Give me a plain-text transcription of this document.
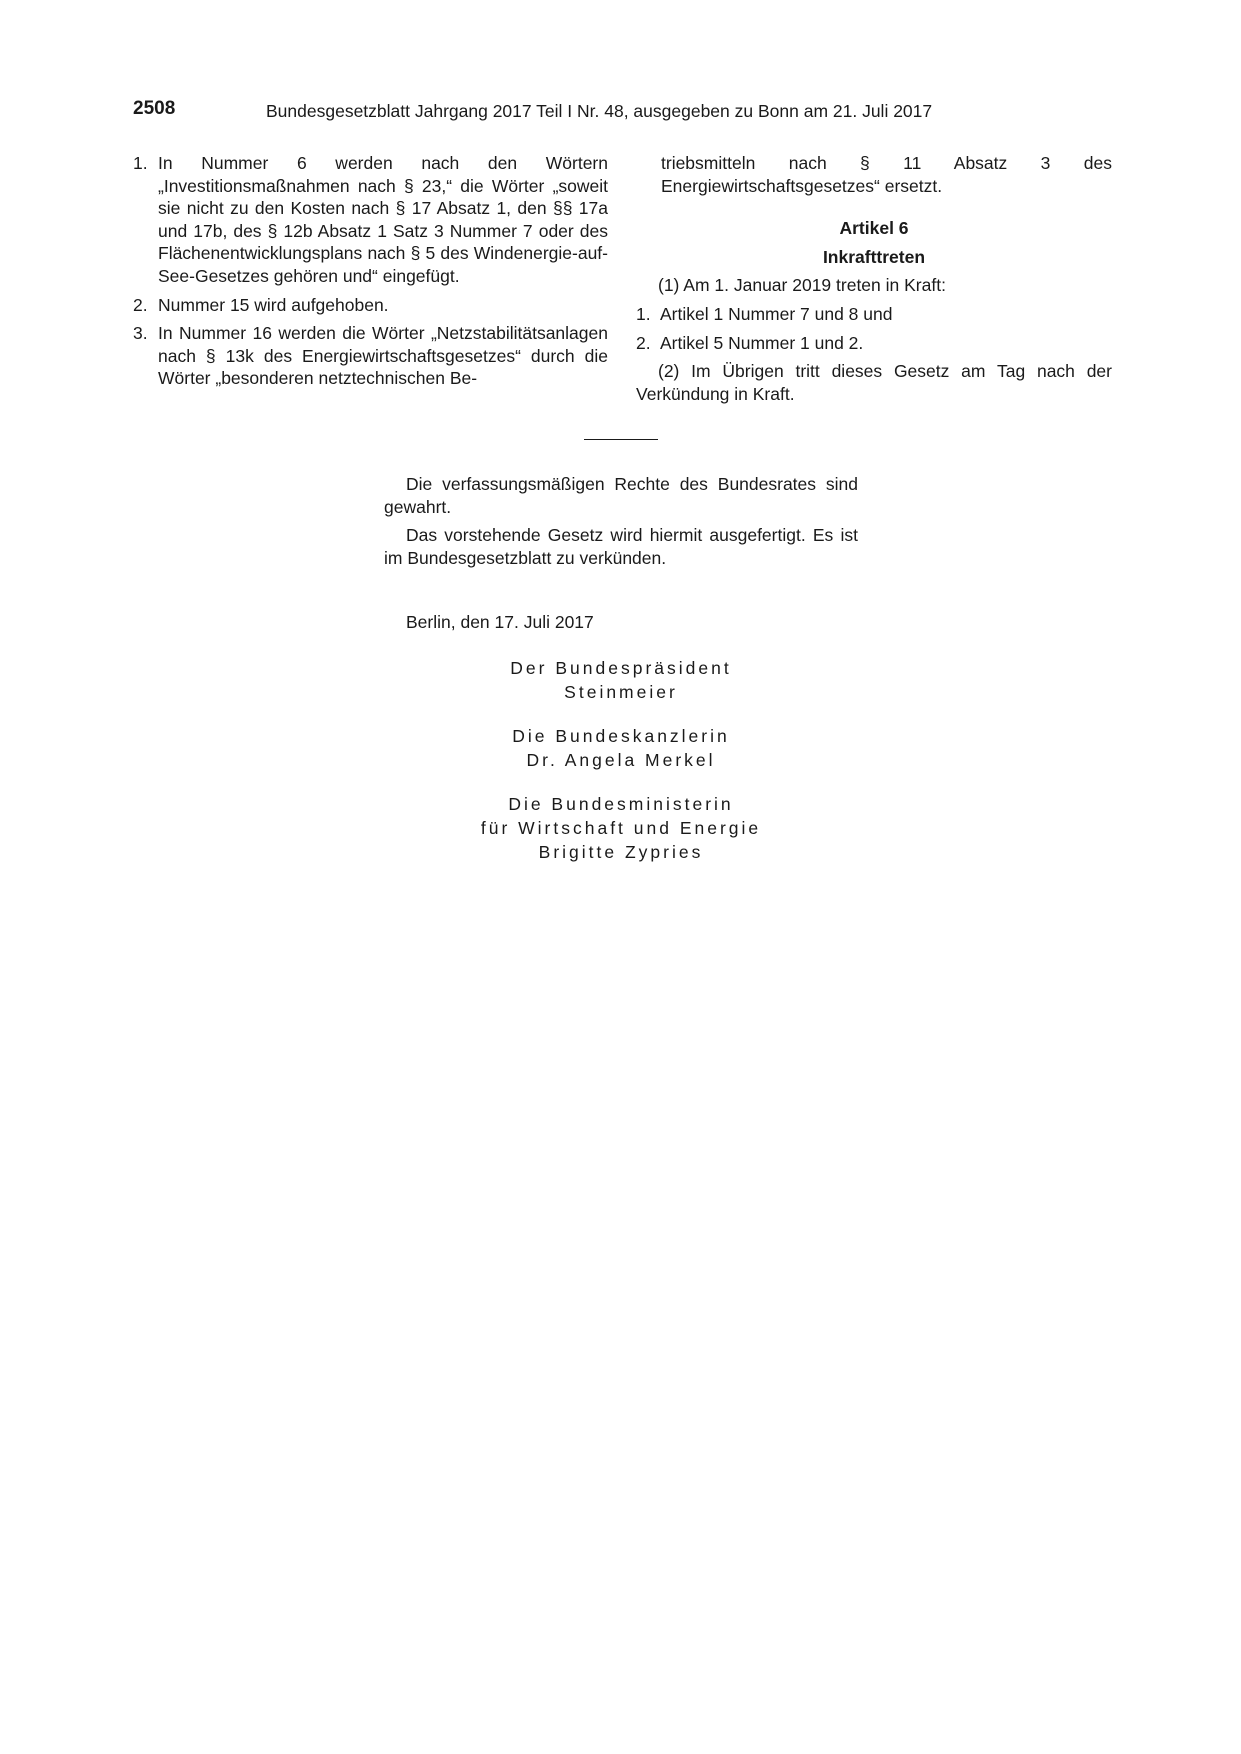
2508	Bundesgesetzblatt Jahrgang 2017 Teil I Nr. 48, ausgegeben zu Bonn am 21. Juli 2017
1. In Nummer 6 werden nach den Wörtern „Investitionsmaßnahmen nach § 23,“ die Wörter „soweit sie nicht zu den Kosten nach § 17 Absatz 1, den §§ 17a und 17b, des § 12b Absatz 1 Satz 3 Nummer 7 oder des Flächenentwicklungsplans nach § 5 des Windenergie-auf-See-Gesetzes gehören und“ eingefügt.
2. Nummer 15 wird aufgehoben.
3. In Nummer 16 werden die Wörter „Netzstabilitätsanlagen nach § 13k des Energiewirtschaftsgesetzes“ durch die Wörter „besonderen netztechnischen Be-
triebsmitteln nach § 11 Absatz 3 des Energiewirtschaftsgesetzes“ ersetzt.
Artikel 6
Inkrafttreten

(1) Am 1. Januar 2019 treten in Kraft:

1. Artikel 1 Nummer 7 und 8 und
2. Artikel 5 Nummer 1 und 2.

(2) Im Übrigen tritt dieses Gesetz am Tag nach der Verkündung in Kraft.

Die verfassungsmäßigen Rechte des Bundesrates sind gewahrt.

Das vorstehende Gesetz wird hiermit ausgefertigt. Es ist im Bundesgesetzblatt zu verkünden.

Berlin, den 17. Juli 2017
Der Bundespräsident
Steinmeier
Die Bundeskanzlerin
Dr. Angela Merkel
Die Bundesministerin
für Wirtschaft und Energie
Brigitte Zypries
